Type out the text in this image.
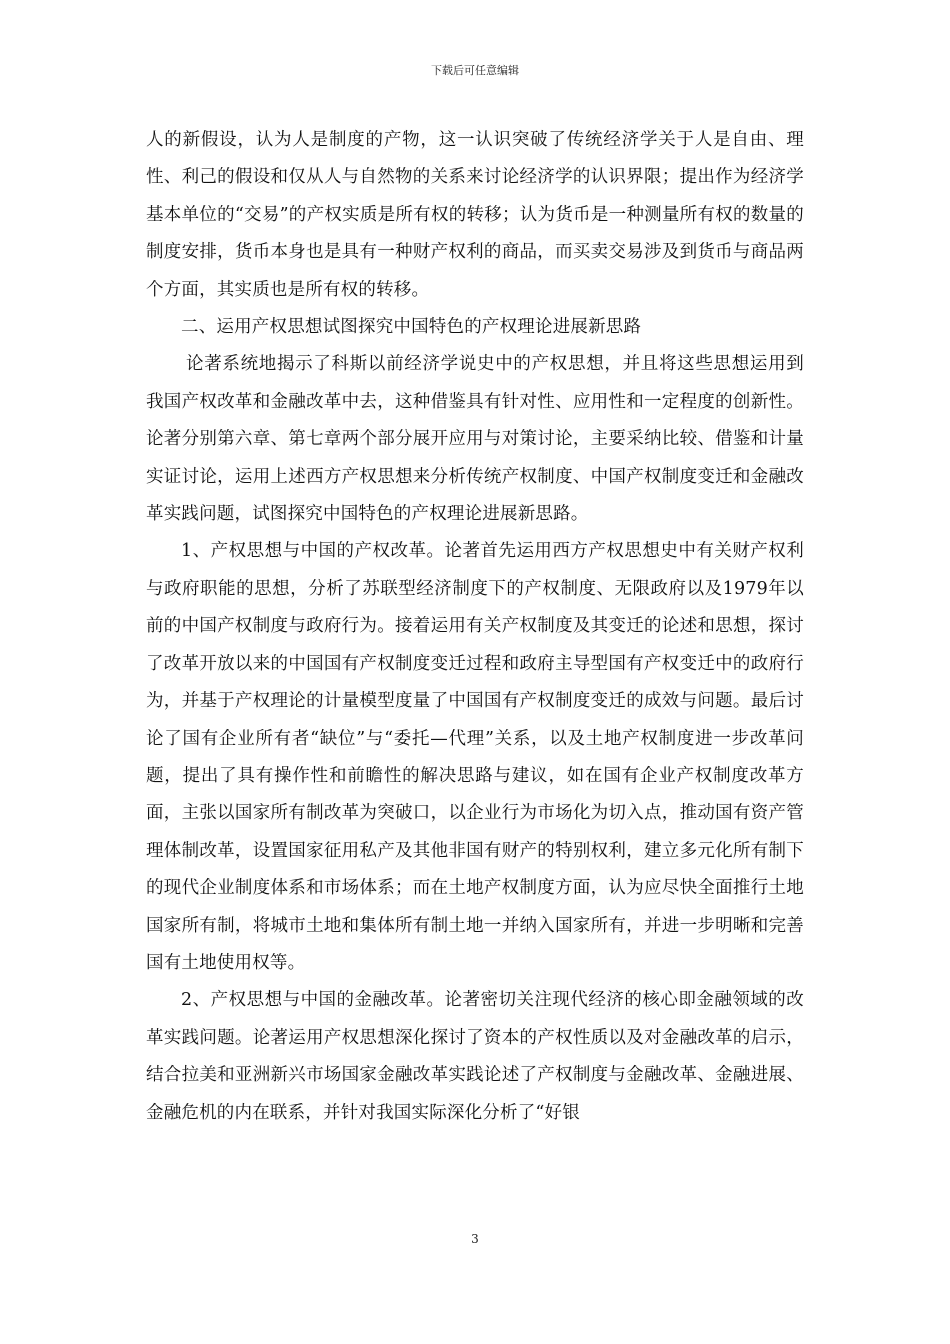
下载后可任意编辑

人的新假设，认为人是制度的产物，这一认识突破了传统经济学关于人是自由、理性、利己的假设和仅从人与自然物的关系来讨论经济学的认识界限；提出作为经济学基本单位的“交易”的产权实质是所有权的转移；认为货币是一种测量所有权的数量的制度安排，货币本身也是具有一种财产权利的商品，而买卖交易涉及到货币与商品两个方面，其实质也是所有权的转移。

二、运用产权思想试图探究中国特色的产权理论进展新思路

论著系统地揭示了科斯以前经济学说史中的产权思想，并且将这些思想运用到我国产权改革和金融改革中去，这种借鉴具有针对性、应用性和一定程度的创新性。论著分别第六章、第七章两个部分展开应用与对策讨论，主要采纳比较、借鉴和计量实证讨论，运用上述西方产权思想来分析传统产权制度、中国产权制度变迁和金融改革实践问题，试图探究中国特色的产权理论进展新思路。

1、产权思想与中国的产权改革。论著首先运用西方产权思想史中有关财产权利与政府职能的思想，分析了苏联型经济制度下的产权制度、无限政府以及1979年以前的中国产权制度与政府行为。接着运用有关产权制度及其变迁的论述和思想，探讨了改革开放以来的中国国有产权制度变迁过程和政府主导型国有产权变迁中的政府行为，并基于产权理论的计量模型度量了中国国有产权制度变迁的成效与问题。最后讨论了国有企业所有者“缺位”与“委托—代理”关系，以及土地产权制度进一步改革问题，提出了具有操作性和前瞻性的解决思路与建议，如在国有企业产权制度改革方面，主张以国家所有制改革为突破口，以企业行为市场化为切入点，推动国有资产管理体制改革，设置国家征用私产及其他非国有财产的特别权利，建立多元化所有制下的现代企业制度体系和市场体系；而在土地产权制度方面，认为应尽快全面推行土地国家所有制，将城市土地和集体所有制土地一并纳入国家所有，并进一步明晰和完善国有土地使用权等。

2、产权思想与中国的金融改革。论著密切关注现代经济的核心即金融领域的改革实践问题。论著运用产权思想深化探讨了资本的产权性质以及对金融改革的启示，结合拉美和亚洲新兴市场国家金融改革实践论述了产权制度与金融改革、金融进展、金融危机的内在联系，并针对我国实际深化分析了“好银

3
